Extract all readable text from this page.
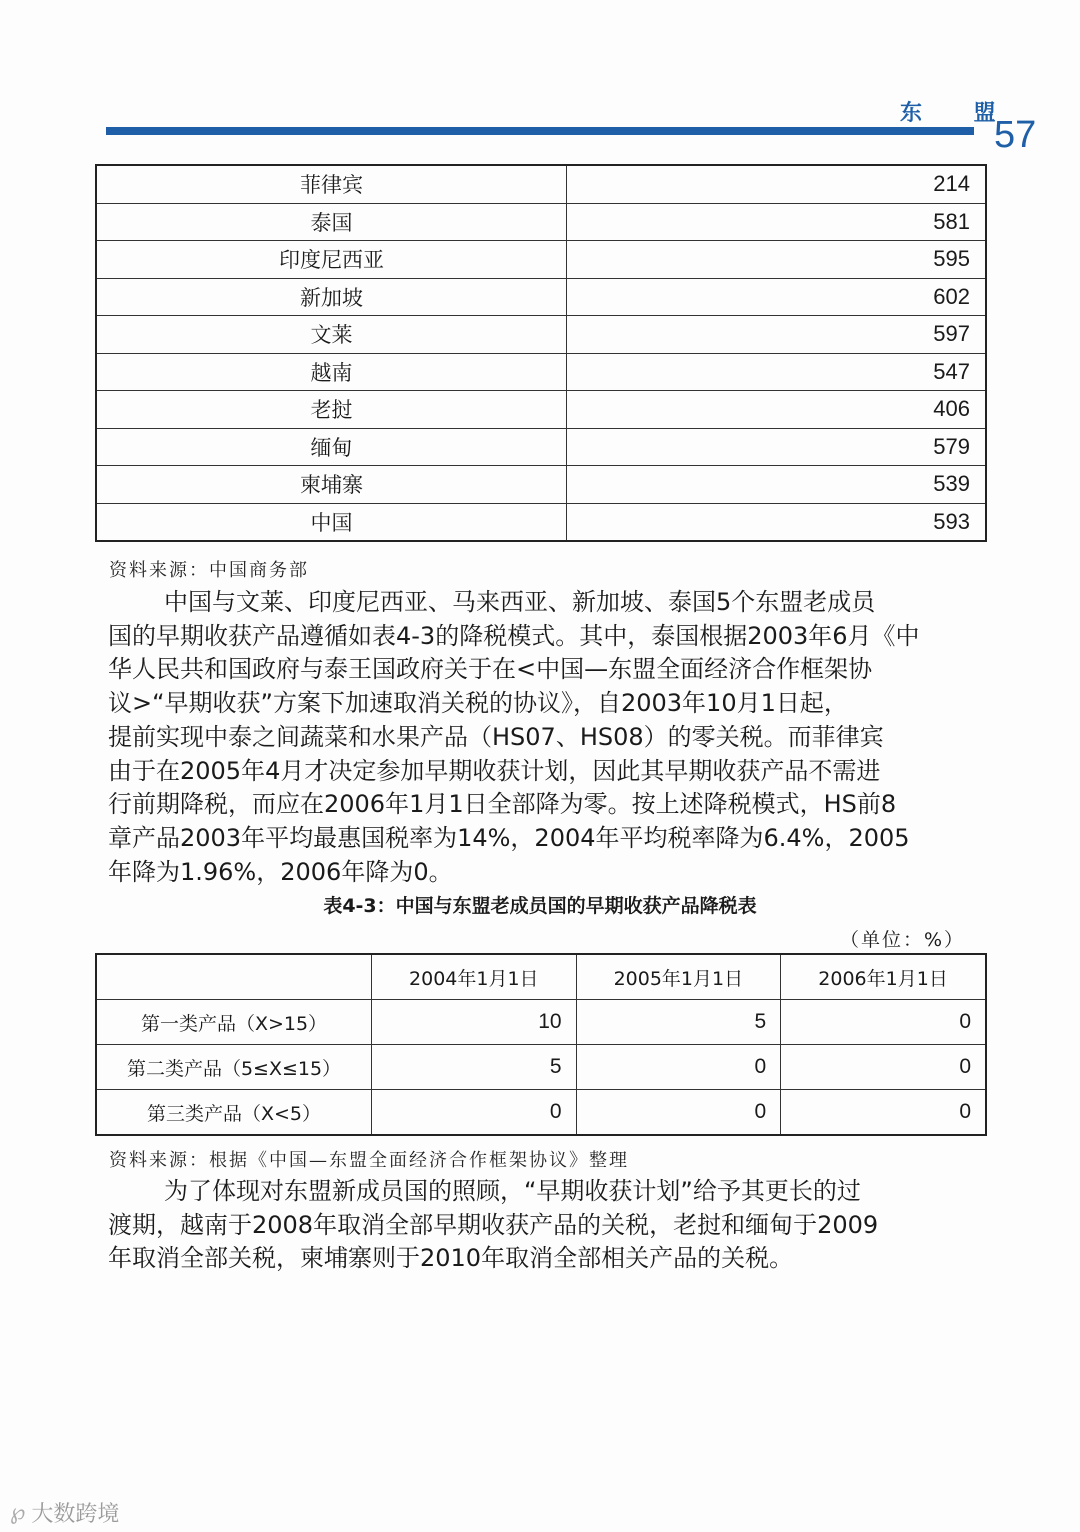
东 盟
57
菲律宾	214
泰国	581
印度尼西亚	595
新加坡	602
文莱	597
越南	547
老挝	406
缅甸	579
柬埔寨	539
中国	593
资料来源：中国商务部
中国与文莱、印度尼西亚、马来西亚、新加坡、泰国5个东盟老成员
国的早期收获产品遵循如表4-3的降税模式。其中，泰国根据2003年6月《中
华人民共和国政府与泰王国政府关于在<中国—东盟全面经济合作框架协
议>“早期收获”方案下加速取消关税的协议》，自2003年10月1日起，
提前实现中泰之间蔬菜和水果产品（HS07、HS08）的零关税。而菲律宾
由于在2005年4月才决定参加早期收获计划，因此其早期收获产品不需进
行前期降税，而应在2006年1月1日全部降为零。按上述降税模式，HS前8
章产品2003年平均最惠国税率为14%，2004年平均税率降为6.4%，2005
年降为1.96%，2006年降为0。
表4-3：中国与东盟老成员国的早期收获产品降税表
（单位：%）
	2004年1月1日	2005年1月1日	2006年1月1日
第一类产品（X>15）	10	5	0
第二类产品（5≤X≤15）	5	0	0
第三类产品（X<5）	0	0	0
资料来源：根据《中国—东盟全面经济合作框架协议》整理
为了体现对东盟新成员国的照顾，“早期收获计划”给予其更长的过
渡期，越南于2008年取消全部早期收获产品的关税，老挝和缅甸于2009
年取消全部关税，柬埔寨则于2010年取消全部相关产品的关税。
℘ 大数跨境
